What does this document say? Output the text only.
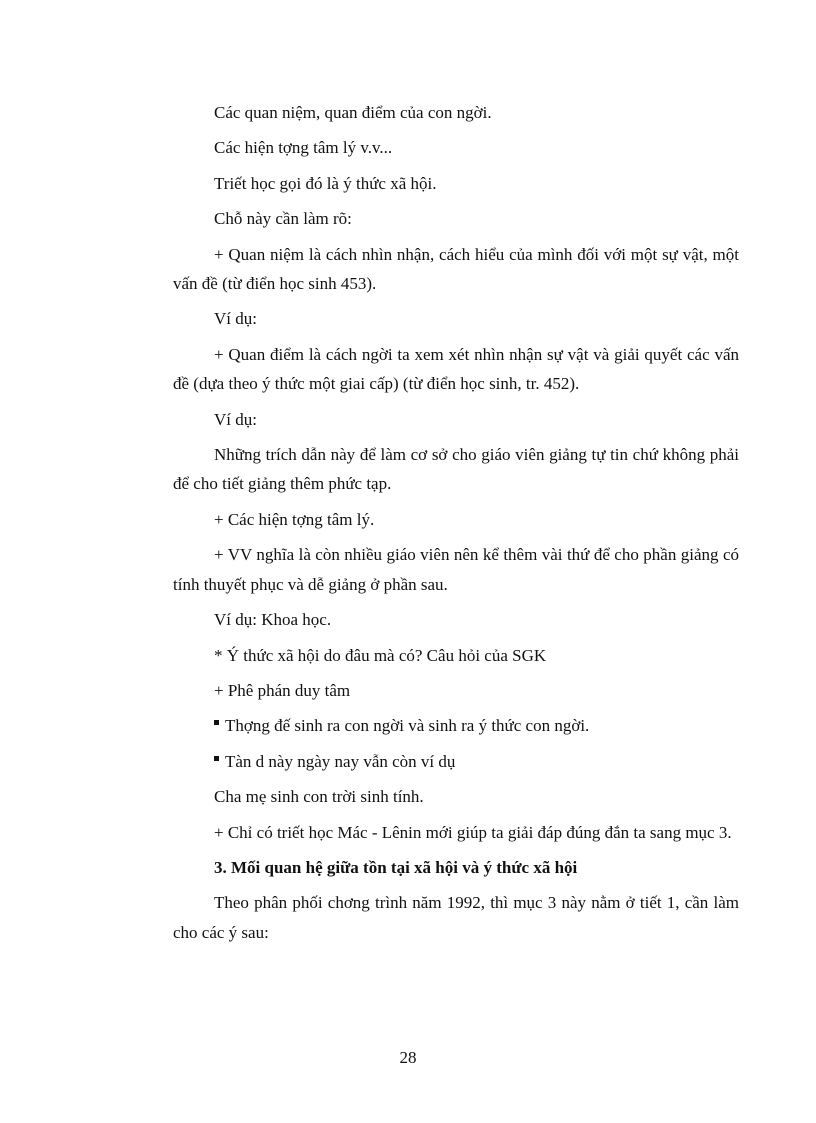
Các quan niệm, quan điểm của con ngời.

Các hiện tợng tâm lý v.v...

Triết học gọi đó là ý thức xã hội.

Chỗ này cần làm rõ:

+ Quan niệm là cách nhìn nhận, cách hiểu của mình đối với một sự vật, một vấn đề (từ điển học sinh 453).

Ví dụ:

+ Quan điểm là cách ngời ta xem xét nhìn nhận sự vật và giải quyết các vấn đề (dựa theo ý thức một giai cấp) (từ điển học sinh, tr. 452).

Ví dụ:

Những trích dẫn này để làm cơ sở cho giáo viên giảng tự tin chứ không phải để cho tiết giảng thêm phức tạp.

+ Các hiện tợng tâm lý.

+ VV nghĩa là còn nhiều giáo viên nên kể thêm vài thứ để cho phần giảng có tính thuyết phục và dễ giảng ở phần sau.

Ví dụ: Khoa học.

* Ý thức xã hội do đâu mà có? Câu hỏi của SGK

+ Phê phán duy tâm

Thợng đế sinh ra con ngời và sinh ra ý thức con ngời.

Tàn d này ngày nay vẫn còn ví dụ

Cha mẹ sinh con trời sinh tính.

+ Chỉ có triết học Mác - Lênin mới giúp ta giải đáp đúng đắn ta sang mục 3.

3. Mối quan hệ giữa tồn tại xã hội và ý thức xã hội

Theo phân phối chơng trình năm 1992, thì mục 3 này nằm ở tiết 1, cần làm cho các ý sau:

28
